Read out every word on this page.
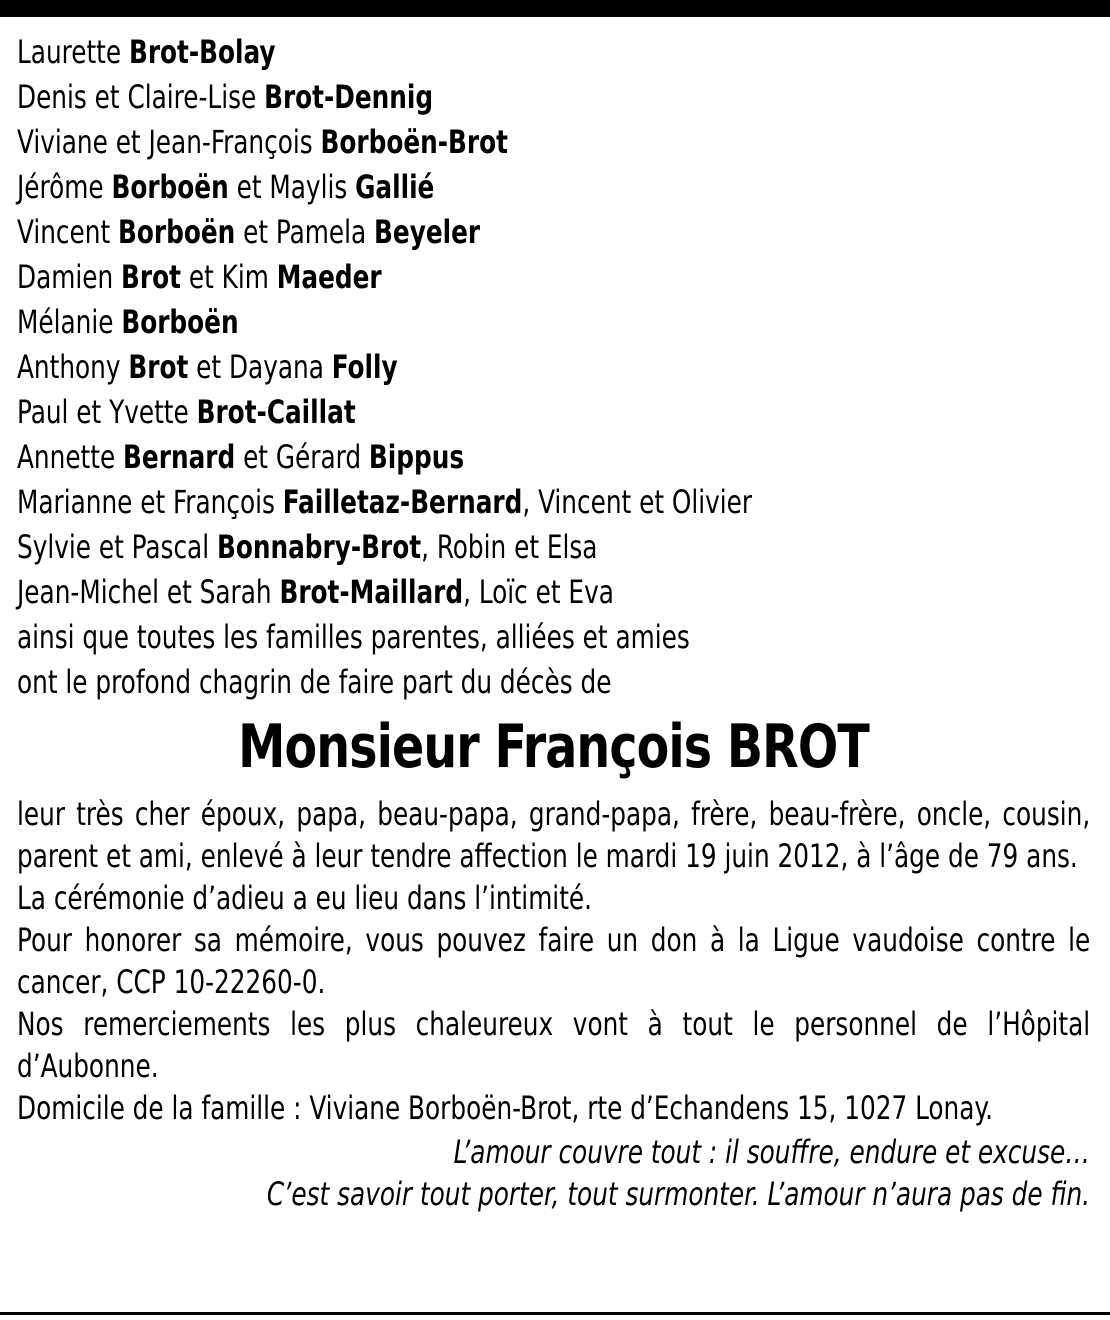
Laurette Brot-Bolay
Denis et Claire-Lise Brot-Dennig
Viviane et Jean-François Borboën-Brot
Jérôme Borboën et Maylis Gallié
Vincent Borboën et Pamela Beyeler
Damien Brot et Kim Maeder
Mélanie Borboën
Anthony Brot et Dayana Folly
Paul et Yvette Brot-Caillat
Annette Bernard et Gérard Bippus
Marianne et François Failletaz-Bernard, Vincent et Olivier
Sylvie et Pascal Bonnabry-Brot, Robin et Elsa
Jean-Michel et Sarah Brot-Maillard, Loïc et Eva
ainsi que toutes les familles parentes, alliées et amies
ont le profond chagrin de faire part du décès de
Monsieur François BROT

leur très cher époux, papa, beau-papa, grand-papa, frère, beau-frère, oncle, cousin, parent et ami, enlevé à leur tendre affection le mardi 19 juin 2012, à l’âge de 79 ans.

La cérémonie d’adieu a eu lieu dans l’intimité.

Pour honorer sa mémoire, vous pouvez faire un don à la Ligue vaudoise contre le cancer, CCP 10-22260-0.

Nos remerciements les plus chaleureux vont à tout le personnel de l’Hôpital d’Aubonne.

Domicile de la famille : Viviane Borboën-Brot, rte d’Echandens 15, 1027 Lonay.

L’amour couvre tout : il souffre, endure et excuse…
C’est savoir tout porter, tout surmonter. L’amour n’aura pas de fin.
